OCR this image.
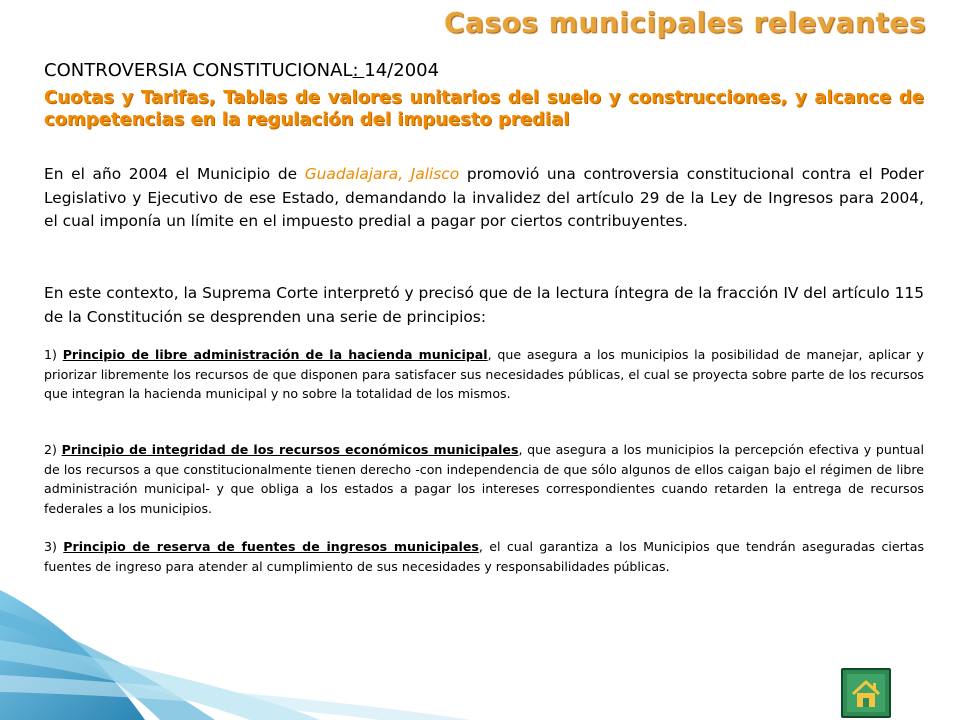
Casos municipales relevantes
CONTROVERSIA CONSTITUCIONAL: 14/2004
Cuotas y Tarifas, Tablas de valores unitarios del suelo y construcciones, y alcance de competencias en la regulación del impuesto predial
En el año 2004 el Municipio de Guadalajara, Jalisco promovió una controversia constitucional contra el Poder Legislativo y Ejecutivo de ese Estado, demandando la invalidez del artículo 29 de la Ley de Ingresos para 2004, el cual imponía un límite en el impuesto predial a pagar por ciertos contribuyentes.
En este contexto, la Suprema Corte interpretó y precisó que de la lectura íntegra de la fracción IV del artículo 115 de la Constitución se desprenden una serie de principios:
1) Principio de libre administración de la hacienda municipal, que asegura a los municipios la posibilidad de manejar, aplicar y priorizar libremente los recursos de que disponen para satisfacer sus necesidades públicas, el cual se proyecta sobre parte de los recursos que integran la hacienda municipal y no sobre la totalidad de los mismos.
2) Principio de integridad de los recursos económicos municipales, que asegura a los municipios la percepción efectiva y puntual de los recursos a que constitucionalmente tienen derecho -con independencia de que sólo algunos de ellos caigan bajo el régimen de libre administración municipal- y que obliga a los estados a pagar los intereses correspondientes cuando retarden la entrega de recursos federales a los municipios.
3) Principio de reserva de fuentes de ingresos municipales, el cual garantiza a los Municipios que tendrán aseguradas ciertas fuentes de ingreso para atender al cumplimiento de sus necesidades y responsabilidades públicas.
